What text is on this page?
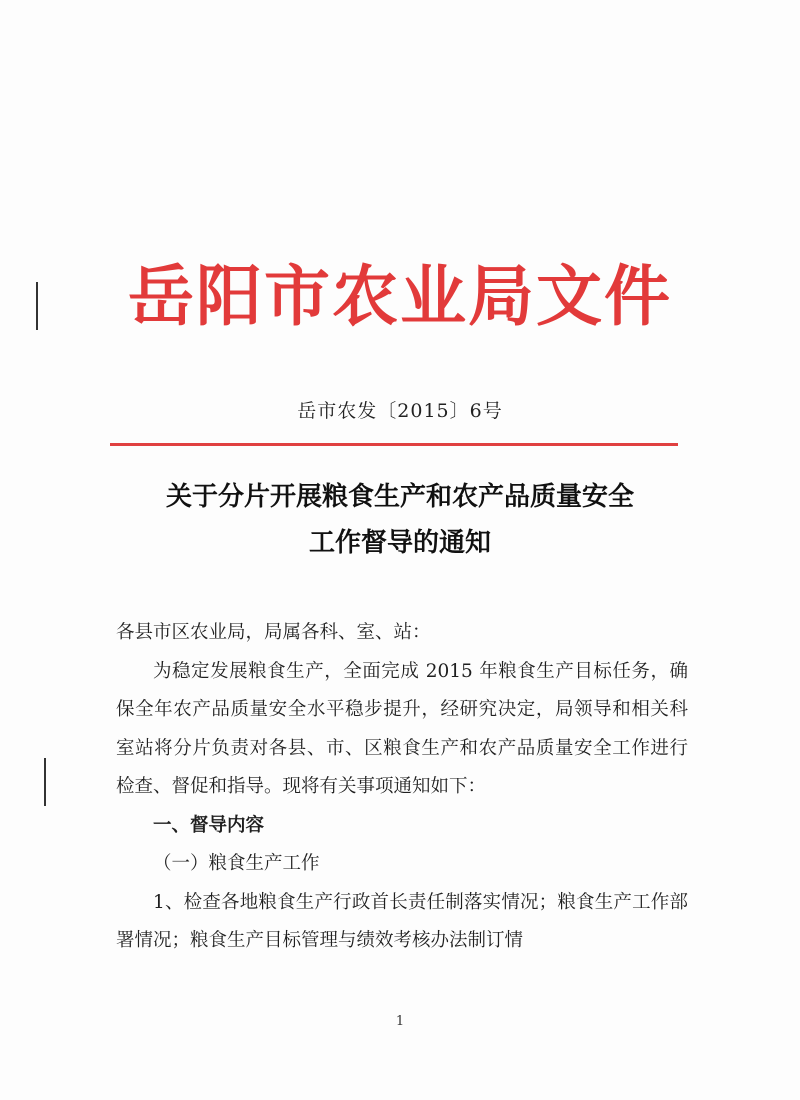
岳阳市农业局文件
岳市农发〔2015〕6号
关于分片开展粮食生产和农产品质量安全
工作督导的通知

各县市区农业局，局属各科、室、站：

为稳定发展粮食生产，全面完成 2015 年粮食生产目标任务，确保全年农产品质量安全水平稳步提升，经研究决定，局领导和相关科室站将分片负责对各县、市、区粮食生产和农产品质量安全工作进行检查、督促和指导。现将有关事项通知如下：

一、督导内容

（一）粮食生产工作

1、检查各地粮食生产行政首长责任制落实情况；粮食生产工作部署情况；粮食生产目标管理与绩效考核办法制订情

1
